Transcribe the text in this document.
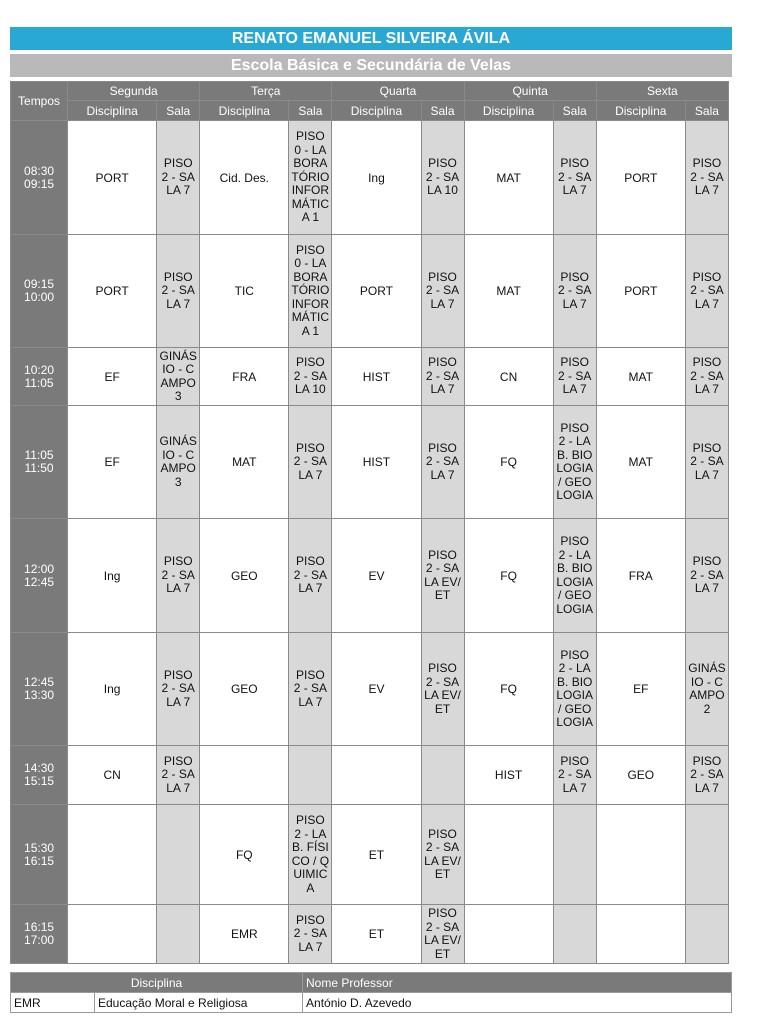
RENATO EMANUEL SILVEIRA ÁVILA
Escola Básica e Secundária de Velas
Tempos	Segunda		Terça		Quarta		Quinta		Sexta	
	Disciplina	Sala	Disciplina	Sala	Disciplina	Sala	Disciplina	Sala	Disciplina	Sala

08:30
09:15	PORT	PISO 2 - SALA 7	Cid. Des.	PISO 0 - LABORATÓRIO INFORMÁTICA 1	Ing	PISO 2 - SALA 10	MAT	PISO 2 - SALA 7	PORT	PISO 2 - SALA 7

09:15
10:00	PORT	PISO 2 - SALA 7	TIC	PISO 0 - LABORATÓRIO INFORMÁTICA 1	PORT	PISO 2 - SALA 7	MAT	PISO 2 - SALA 7	PORT	PISO 2 - SALA 7

10:20
11:05	EF	GINÁSIO - CAMPO 3	FRA	PISO 2 - SALA 10	HIST	PISO 2 - SALA 7	CN	PISO 2 - SALA 7	MAT	PISO 2 - SALA 7

11:05
11:50	EF	GINÁSIO - CAMPO 3	MAT	PISO 2 - SALA 7	HIST	PISO 2 - SALA 7	FQ	PISO 2 - LAB. BIOLOGIA / GEOLOGIA	MAT	PISO 2 - SALA 7

12:00
12:45	Ing	PISO 2 - SALA 7	GEO	PISO 2 - SALA 7	EV	PISO 2 - SALA EV/ET	FQ	PISO 2 - LAB. BIOLOGIA / GEOLOGIA	FRA	PISO 2 - SALA 7

12:45
13:30	Ing	PISO 2 - SALA 7	GEO	PISO 2 - SALA 7	EV	PISO 2 - SALA EV/ET	FQ	PISO 2 - LAB. BIOLOGIA / GEOLOGIA	EF	GINÁSIO - CAMPO 2

14:30
15:15	CN	PISO 2 - SALA 7					HIST	PISO 2 - SALA 7	GEO	PISO 2 - SALA 7

15:30
16:15			FQ	PISO 2 - LAB. FÍSICO / QUIMICA	ET	PISO 2 - SALA EV/ET				

16:15
17:00			EMR	PISO 2 - SALA 7	ET	PISO 2 - SALA EV/ET				

Disciplina		Nome Professor
EMR	Educação Moral e Religiosa	António D. Azevedo
